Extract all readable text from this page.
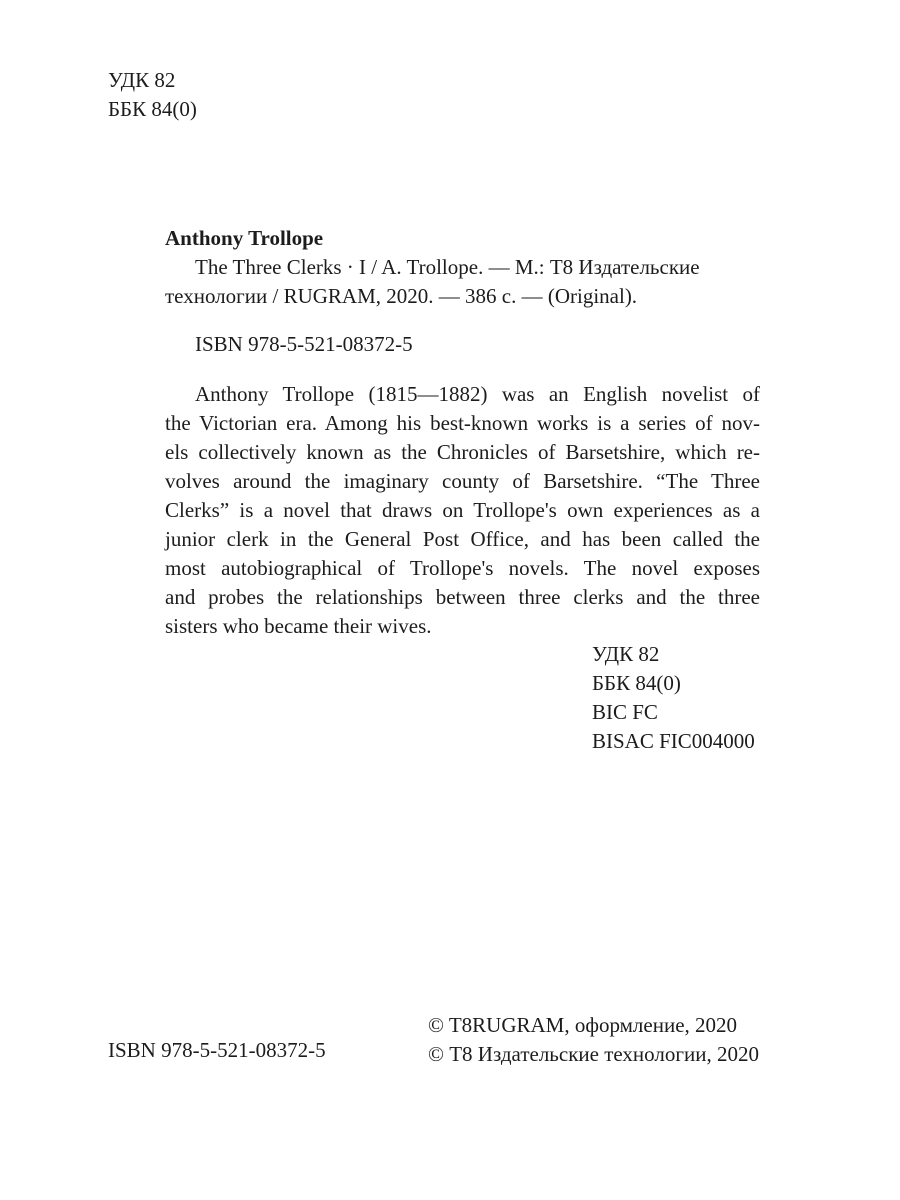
УДК 82
ББК 84(0)
Anthony Trollope
The Three Clerks · I / A. Trollope. — М.: Т8 Издательские
технологии / RUGRAM, 2020. — 386 с. — (Original).
ISBN 978-5-521-08372-5
Anthony Trollope (1815—1882) was an English novelist of
the Victorian era. Among his best-known works is a series of nov-
els collectively known as the Chronicles of Barsetshire, which re-
volves around the imaginary county of Barsetshire. “The Three
Clerks” is a novel that draws on Trollope's own experiences as a
junior clerk in the General Post Office, and has been called the
most autobiographical of Trollope's novels. The novel exposes
and probes the relationships between three clerks and the three
sisters who became their wives.
УДК 82
ББК 84(0)
BIC FC
BISAC FIC004000
ISBN 978-5-521-08372-5
© T8RUGRAM, оформление, 2020
© Т8 Издательские технологии, 2020
